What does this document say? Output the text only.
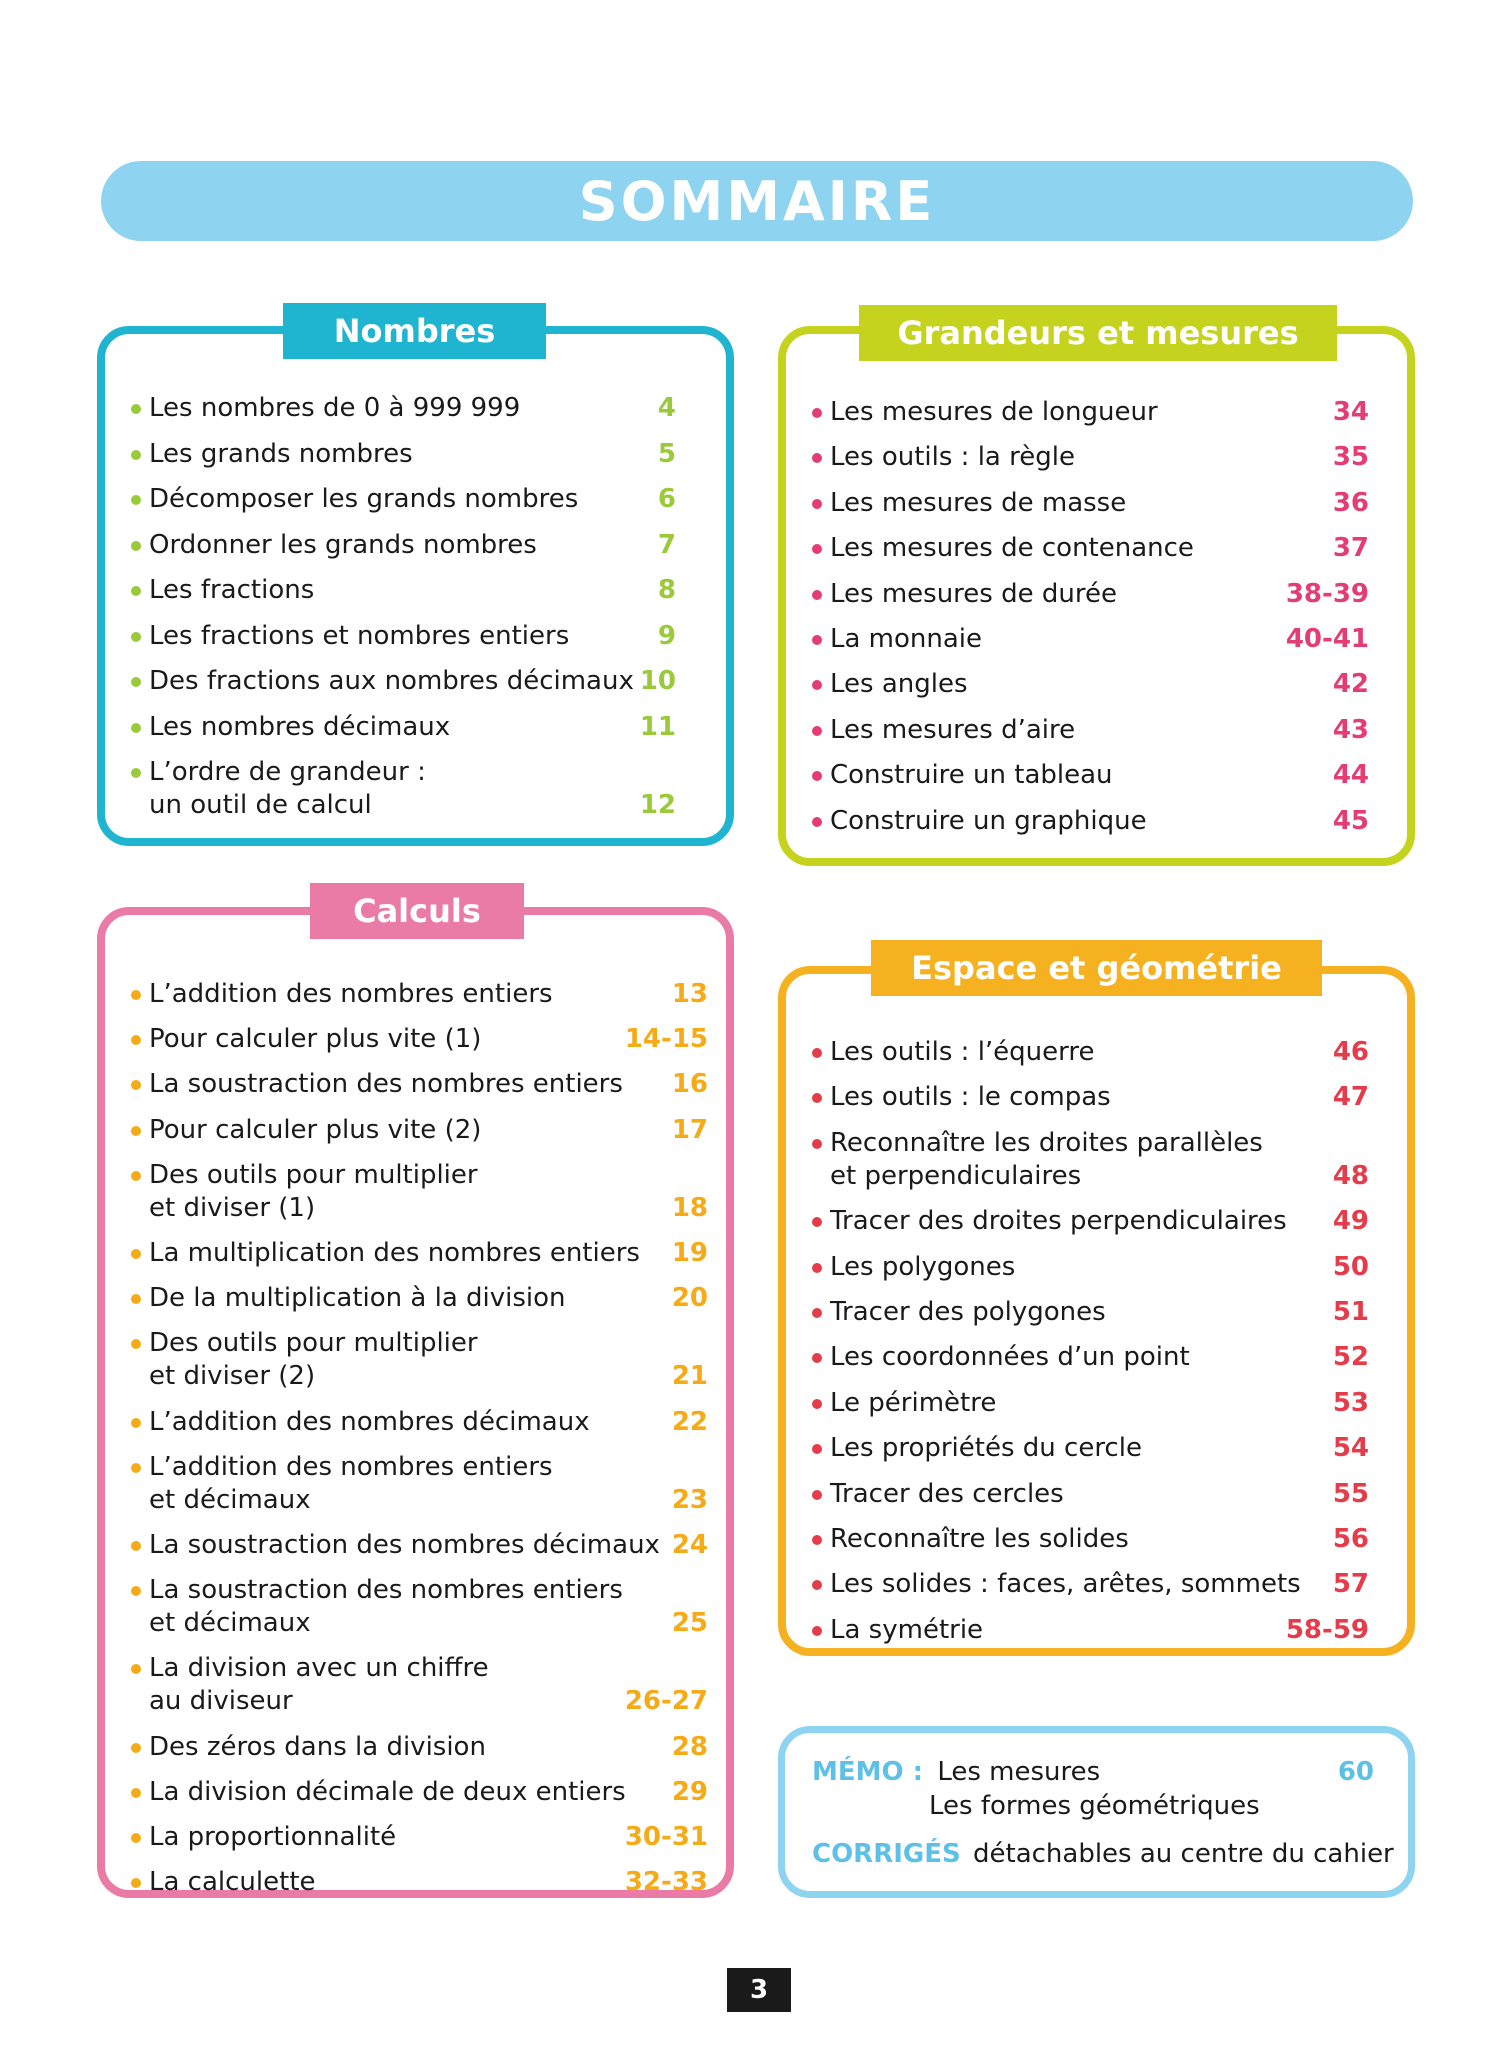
SOMMAIRE
Les nombres de 0 à 999 999	4
Les grands nombres	5
Décomposer les grands nombres	6
Ordonner les grands nombres	7
Les fractions	8
Les fractions et nombres entiers	9
Des fractions aux nombres décimaux 10
Les nombres décimaux	11
L’ordre de grandeur :
un outil de calcul	12
Nombres
Les mesures de longueur	34
Les outils : la règle	35
Les mesures de masse	36
Les mesures de contenance	37
Les mesures de durée	38-39
La monnaie	40-41
Les angles	42
Les mesures d’aire	43
Construire un tableau	44
Construire un graphique	45
Grandeurs et mesures
L’addition des nombres entiers	13
Pour calculer plus vite (1)	14-15
La soustraction des nombres entiers 16
Pour calculer plus vite (2)	17
Des outils pour multiplier
et diviser (1)	18
La multiplication des nombres entiers 19
De la multiplication à la division	20
Des outils pour multiplier
et diviser (2)	21
L’addition des nombres décimaux	22
L’addition des nombres entiers
et décimaux	23
La soustraction des nombres décimaux 24
La soustraction des nombres entiers
et décimaux	25
La division avec un chiffre
au diviseur	26-27
Des zéros dans la division	28
La division décimale de deux entiers 29
La proportionnalité	30-31
La calculette	32-33
Calculs
Les outils : l’équerre	46
Les outils : le compas	47
Reconnaître les droites parallèles
et perpendiculaires	48
Tracer des droites perpendiculaires 49
Les polygones	50
Tracer des polygones	51
Les coordonnées d’un point	52
Le périmètre	53
Les propriétés du cercle	54
Tracer des cercles	55
Reconnaître les solides	56
Les solides : faces, arêtes, sommets 57
La symétrie	58-59
Espace et géométrie
MÉMO : Les mesures	60
Les formes géométriques
CORRIGÉS détachables au centre du cahier
3
